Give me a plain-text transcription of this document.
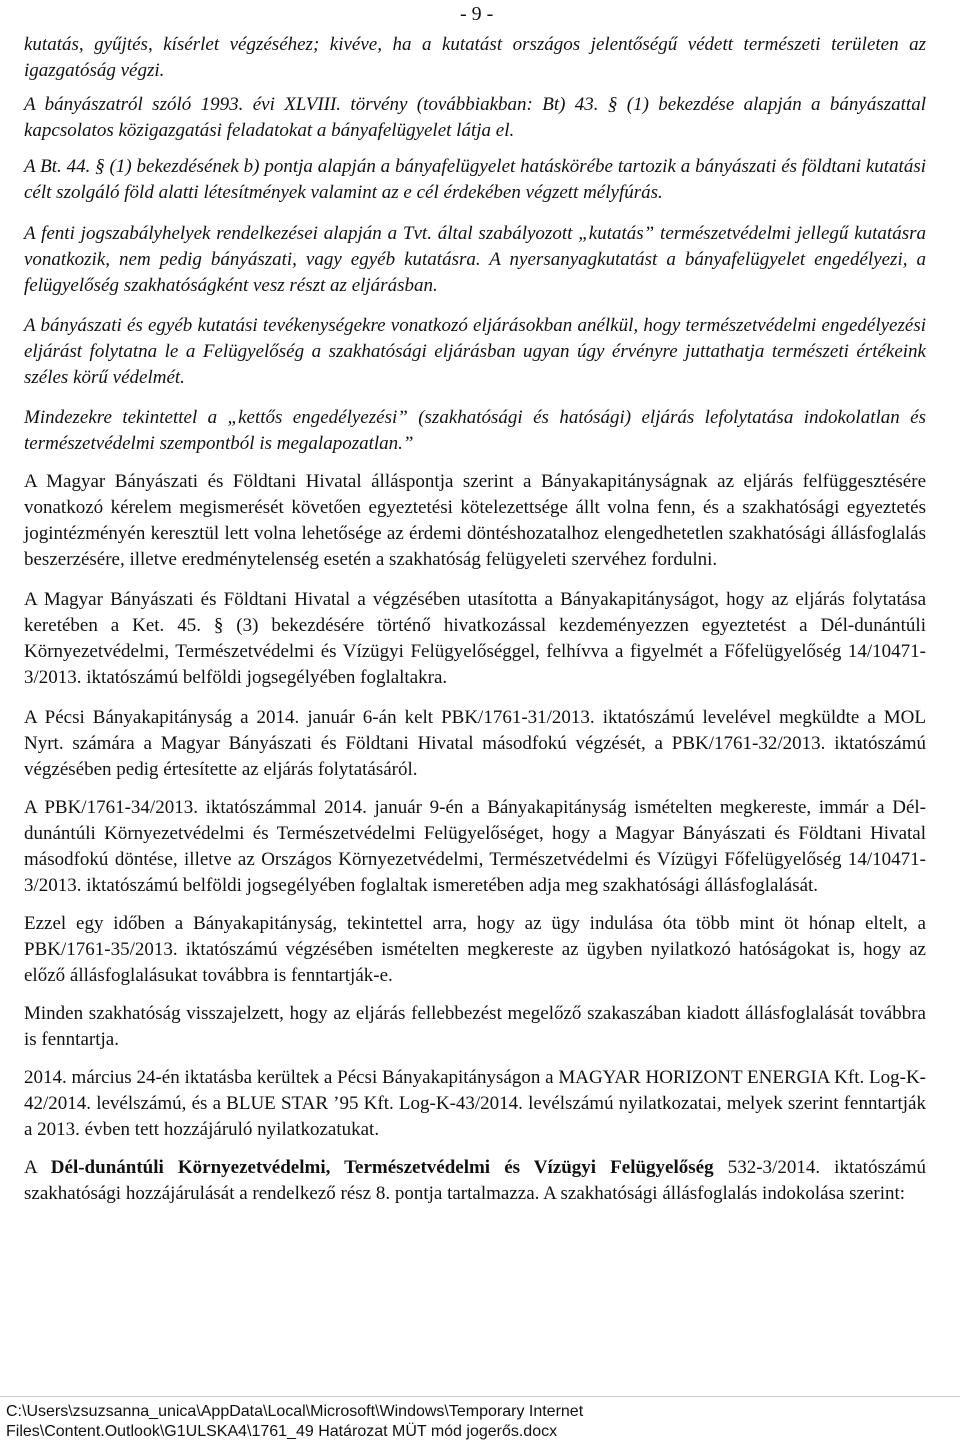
- 9 -

kutatás, gyűjtés, kísérlet végzéséhez; kivéve, ha a kutatást országos jelentőségű védett természeti területen az igazgatóság végzi.

A bányászatról szóló 1993. évi XLVIII. törvény (továbbiakban: Bt) 43. § (1) bekezdése alapján a bányászattal kapcsolatos közigazgatási feladatokat a bányafelügyelet látja el.

A Bt. 44. § (1) bekezdésének b) pontja alapján a bányafelügyelet hatáskörébe tartozik a bányászati és földtani kutatási célt szolgáló föld alatti létesítmények valamint az e cél érdekében végzett mélyfúrás.

A fenti jogszabályhelyek rendelkezései alapján a Tvt. által szabályozott „kutatás” természetvédelmi jellegű kutatásra vonatkozik, nem pedig bányászati, vagy egyéb kutatásra. A nyersanyagkutatást a bányafelügyelet engedélyezi, a felügyelőség szakhatóságként vesz részt az eljárásban.

A bányászati és egyéb kutatási tevékenységekre vonatkozó eljárásokban anélkül, hogy természetvédelmi engedélyezési eljárást folytatna le a Felügyelőség a szakhatósági eljárásban ugyan úgy érvényre juttathatja természeti értékeink széles körű védelmét.

Mindezekre tekintettel a „kettős engedélyezési” (szakhatósági és hatósági) eljárás lefolytatása indokolatlan és természetvédelmi szempontból is megalapozatlan.”

A Magyar Bányászati és Földtani Hivatal álláspontja szerint a Bányakapitányságnak az eljárás felfüggesztésére vonatkozó kérelem megismerését követően egyeztetési kötelezettsége állt volna fenn, és a szakhatósági egyeztetés jogintézményén keresztül lett volna lehetősége az érdemi döntéshozatalhoz elengedhetetlen szakhatósági állásfoglalás beszerzésére, illetve eredménytelenség esetén a szakhatóság felügyeleti szervéhez fordulni.

A Magyar Bányászati és Földtani Hivatal a végzésében utasította a Bányakapitányságot, hogy az eljárás folytatása keretében a Ket. 45. § (3) bekezdésére történő hivatkozással kezdeményezzen egyeztetést a Dél-dunántúli Környezetvédelmi, Természetvédelmi és Vízügyi Felügyelőséggel, felhívva a figyelmét a Főfelügyelőség 14/10471-3/2013. iktatószámú belföldi jogsegélyében foglaltakra.

A Pécsi Bányakapitányság a 2014. január 6-án kelt PBK/1761-31/2013. iktatószámú levelével megküldte a MOL Nyrt. számára a Magyar Bányászati és Földtani Hivatal másodfokú végzését, a PBK/1761-32/2013. iktatószámú végzésében pedig értesítette az eljárás folytatásáról.

A PBK/1761-34/2013. iktatószámmal 2014. január 9-én a Bányakapitányság ismételten megkereste, immár a Dél-dunántúli Környezetvédelmi és Természetvédelmi Felügyelőséget, hogy a Magyar Bányászati és Földtani Hivatal másodfokú döntése, illetve az Országos Környezetvédelmi, Természetvédelmi és Vízügyi Főfelügyelőség 14/10471-3/2013. iktatószámú belföldi jogsegélyében foglaltak ismeretében adja meg szakhatósági állásfoglalását.

Ezzel egy időben a Bányakapitányság, tekintettel arra, hogy az ügy indulása óta több mint öt hónap eltelt, a PBK/1761-35/2013. iktatószámú végzésében ismételten megkereste az ügyben nyilatkozó hatóságokat is, hogy az előző állásfoglalásukat továbbra is fenntartják-e.

Minden szakhatóság visszajelzett, hogy az eljárás fellebbezést megelőző szakaszában kiadott állásfoglalását továbbra is fenntartja.

2014. március 24-én iktatásba kerültek a Pécsi Bányakapitányságon a MAGYAR HORIZONT ENERGIA Kft. Log-K-42/2014. levélszámú, és a BLUE STAR ’95 Kft. Log-K-43/2014. levélszámú nyilatkozatai, melyek szerint fenntartják a 2013. évben tett hozzájáruló nyilatkozatukat.

A Dél-dunántúli Környezetvédelmi, Természetvédelmi és Vízügyi Felügyelőség 532-3/2014. iktatószámú szakhatósági hozzájárulását a rendelkező rész 8. pontja tartalmazza. A szakhatósági állásfoglalás indokolása szerint:

C:\Users\zsuzsanna_unica\AppData\Local\Microsoft\Windows\Temporary Internet
Files\Content.Outlook\G1ULSKA4\1761_49 Határozat MÜT mód jogerős.docx
